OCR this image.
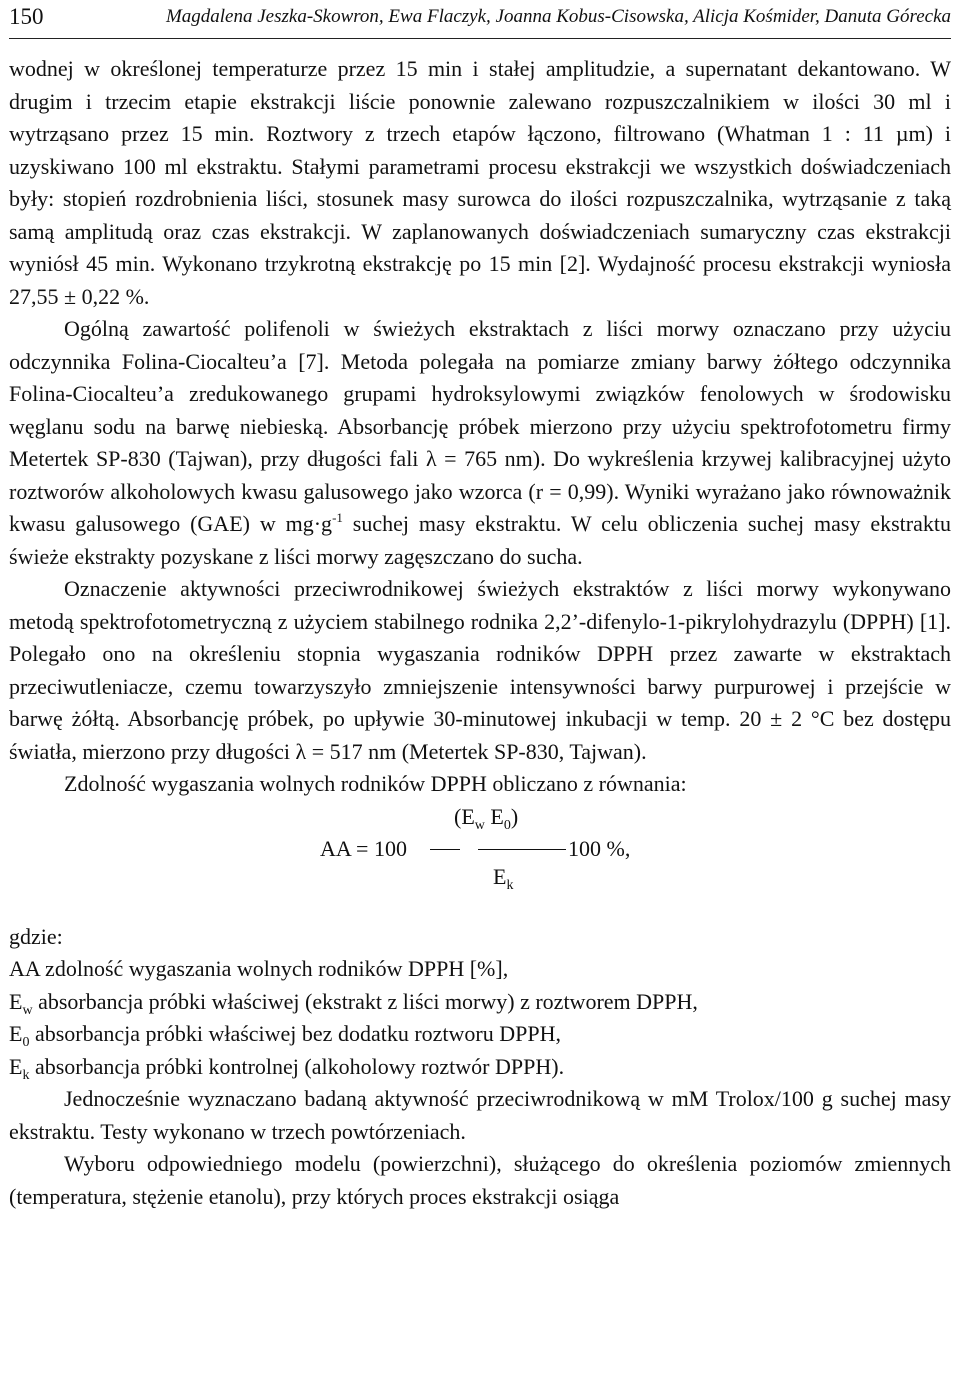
150	Magdalena Jeszka-Skowron, Ewa Flaczyk, Joanna Kobus-Cisowska, Alicja Kośmider, Danuta Górecka

wodnej w określonej temperaturze przez 15 min i stałej amplitudzie, a supernatant dekantowano. W drugim i trzecim etapie ekstrakcji liście ponownie zalewano rozpuszczalnikiem w ilości 30 ml i wytrząsano przez 15 min. Roztwory z trzech etapów łączono, filtrowano (Whatman 1 : 11 µm) i uzyskiwano 100 ml ekstraktu. Stałymi parametrami procesu ekstrakcji we wszystkich doświadczeniach były: stopień rozdrobnienia liści, stosunek masy surowca do ilości rozpuszczalnika, wytrząsanie z taką samą amplitudą oraz czas ekstrakcji. W zaplanowanych doświadczeniach sumaryczny czas ekstrakcji wyniósł 45 min. Wykonano trzykrotną ekstrakcję po 15 min [2]. Wydajność procesu ekstrakcji wyniosła 27,55 ± 0,22 %.

Ogólną zawartość polifenoli w świeżych ekstraktach z liści morwy oznaczano przy użyciu odczynnika Folina-Ciocalteu’a [7]. Metoda polegała na pomiarze zmiany barwy żółtego odczynnika Folina-Ciocalteu’a zredukowanego grupami hydroksylowymi związków fenolowych w środowisku węglanu sodu na barwę niebieską. Absorbancję próbek mierzono przy użyciu spektrofotometru firmy Metertek SP-830 (Tajwan), przy długości fali λ = 765 nm). Do wykreślenia krzywej kalibracyjnej użyto roztworów alkoholowych kwasu galusowego jako wzorca (r = 0,99). Wyniki wyrażano jako równoważnik kwasu galusowego (GAE) w $mg\cdot g^{-1}$ suchej masy ekstraktu. W celu obliczenia suchej masy ekstraktu świeże ekstrakty pozyskane z liści morwy zagęszczano do sucha.

Oznaczenie aktywności przeciwrodnikowej świeżych ekstraktów z liści morwy wykonywano metodą spektrofotometryczną z użyciem stabilnego rodnika 2,2’-difenylo-1-pikrylohydrazylu (DPPH) [1]. Polegało ono na określeniu stopnia wygaszania rodników DPPH przez zawarte w ekstraktach przeciwutleniacze, czemu towarzyszyło zmniejszenie intensywności barwy purpurowej i przejście w barwę żółtą. Absorbancję próbek, po upływie 30-minutowej inkubacji w temp. 20 ± 2 °C bez dostępu światła, mierzono przy długości λ = 517 nm (Metertek SP-830, Tajwan).

Zdolność wygaszania wolnych rodników DPPH obliczano z równania:

AA = 100
($E_w$ $E_0$)
$E_k$
100 %,

gdzie:

AA zdolność wygaszania wolnych rodników DPPH [%],

$E_w$ absorbancja próbki właściwej (ekstrakt z liści morwy) z roztworem DPPH,

$E_0$ absorbancja próbki właściwej bez dodatku roztworu DPPH,

$E_k$ absorbancja próbki kontrolnej (alkoholowy roztwór DPPH).

Jednocześnie wyznaczano badaną aktywność przeciwrodnikową w mM Trolox/100 g suchej masy ekstraktu. Testy wykonano w trzech powtórzeniach.

Wyboru odpowiedniego modelu (powierzchni), służącego do określenia poziomów zmiennych (temperatura, stężenie etanolu), przy których proces ekstrakcji osiąga
